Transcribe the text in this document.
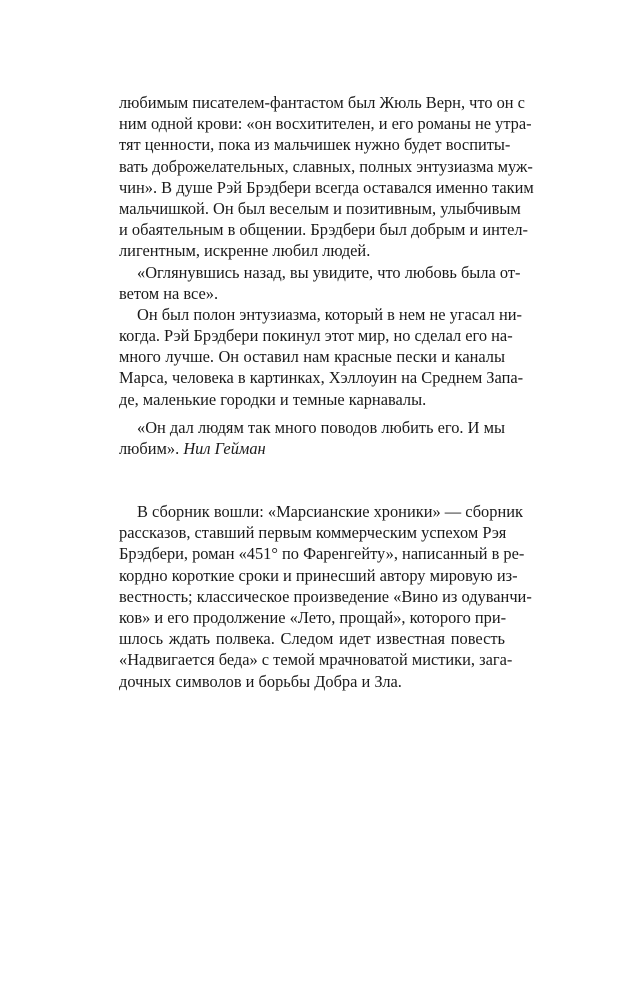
любимым писателем-фантастом был Жюль Верн, что он с
ним одной крови: «он восхитителен, и его романы не утра-
тят ценности, пока из мальчишек нужно будет воспиты-
вать доброжелательных, славных, полных энтузиазма муж-
чин». В душе Рэй Брэдбери всегда оставался именно таким
мальчишкой. Он был веселым и позитивным, улыбчивым
и обаятельным в общении. Брэдбери был добрым и интел-
лигентным, искренне любил людей.
«Оглянувшись назад, вы увидите, что любовь была от-
ветом на все».
Он был полон энтузиазма, который в нем не угасал ни-
когда. Рэй Брэдбери покинул этот мир, но сделал его на-
много лучше. Он оставил нам красные пески и каналы
Марса, человека в картинках, Хэллоуин на Среднем Запа-
де, маленькие городки и темные карнавалы.
«Он дал людям так много поводов любить его. И мы
любим». Нил Гейман
В сборник вошли: «Марсианские хроники» — сборник
рассказов, ставший первым коммерческим успехом Рэя
Брэдбери, роман «451° по Фаренгейту», написанный в ре-
кордно короткие сроки и принесший автору мировую из-
вестность; классическое произведение «Вино из одуванчи-
ков» и его продолжение «Лето, прощай», которого при-
шлось ждать полвека. Следом идет известная повесть
«Надвигается беда» с темой мрачноватой мистики, зага-
дочных символов и борьбы Добра и Зла.
